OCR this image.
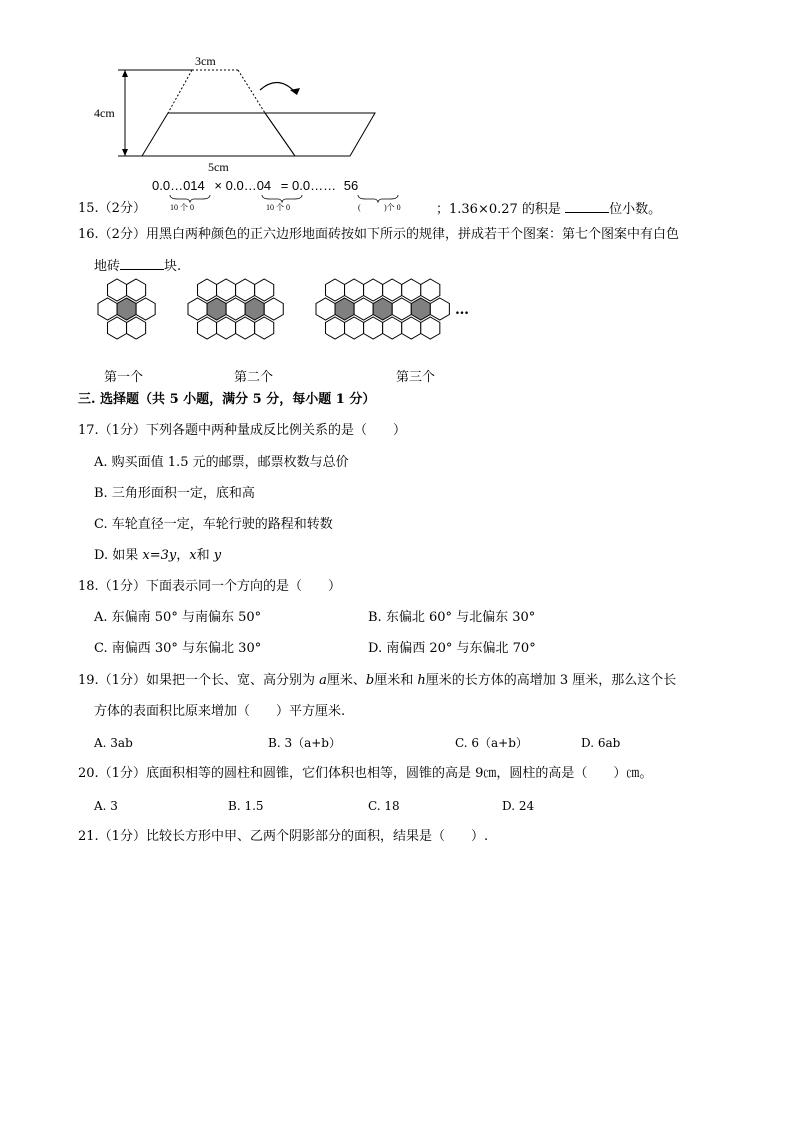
3cm
4cm
5cm
0.0…014 × 0.0…04 = 0.0…… 56
10 个 0	10 个 0	(	)个 0
15.（2分）	；1.36×0.27 的积是	位小数。
16.（2分）用黑白两种颜色的正六边形地面砖按如下所示的规律，拼成若干个图案：第七个图案中有白色
地砖	块.
…
第一个	第二个	第三个
三. 选择题（共 5 小题，满分 5 分，每小题 1 分）
17.（1分）下列各题中两种量成反比例关系的是（　　）
A. 购买面值 1.5 元的邮票，邮票枚数与总价
B. 三角形面积一定，底和高
C. 车轮直径一定，车轮行驶的路程和转数
D. 如果 x=3y，x和 y
18.（1分）下面表示同一个方向的是（　　）
A. 东偏南 50° 与南偏东 50°	B. 东偏北 60° 与北偏东 30°
C. 南偏西 30° 与东偏北 30°	D. 南偏西 20° 与东偏北 70°
19.（1分）如果把一个长、宽、高分别为 a厘米、b厘米和 h厘米的长方体的高增加 3 厘米，那么这个长
方体的表面积比原来增加（　　）平方厘米.
A. 3ab	B. 3（a+b）	C. 6（a+b）	D. 6ab
20.（1分）底面积相等的圆柱和圆锥，它们体积也相等，圆锥的高是 9㎝，圆柱的高是（　　）㎝。
A. 3	B. 1.5	C. 18	D. 24
21.（1分）比较长方形中甲、乙两个阴影部分的面积，结果是（　　）.
